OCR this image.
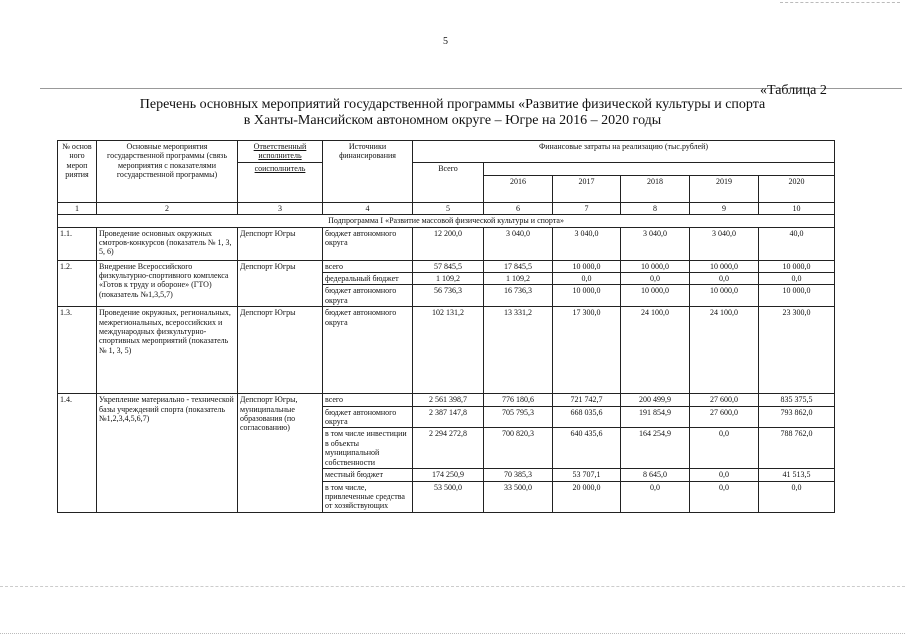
5
«Таблица 2
Перечень основных мероприятий государственной программы «Развитие физической культуры и спорта
в Ханты-Мансийском автономном округе – Югре на 2016 – 2020 годы
№ основ ного мероп риятия	Основные мероприятия государственной программы (связь мероприятия с показателями государственной программы)	Ответственный исполнитель	Источники финансирования	Финансовые затраты на реализацию (тыс.рублей)					
		соисполнитель		Всего					
					2016	2017	2018	2019	2020
1	2	3	4	5	6	7	8	9	10
Подпрограмма I «Развитие массовой физической культуры и спорта»									
1.1.	Проведение основных окружных смотров-конкурсов (показатель № 1, 3, 5, 6)	Депспорт Югры	бюджет автономного округа	12 200,0	3 040,0	3 040,0	3 040,0	3 040,0	40,0
1.2.	Внедрение Всероссийского физкультурно-спортивного комплекса «Готов к труду и обороне» (ГТО) (показатель №1,3,5,7)	Депспорт Югры	всего	57 845,5	17 845,5	10 000,0	10 000,0	10 000,0	10 000,0
			федеральный бюджет	1 109,2	1 109,2	0,0	0,0	0,0	0,0
			бюджет автономного округа	56 736,3	16 736,3	10 000,0	10 000,0	10 000,0	10 000,0
1.3.	Проведение окружных, региональных, межрегиональных, всероссийских и международных физкультурно-спортивных мероприятий (показатель № 1, 3, 5)	Депспорт Югры	бюджет автономного округа	102 131,2	13 331,2	17 300,0	24 100,0	24 100,0	23 300,0
1.4.	Укрепление материально - технической базы учреждений спорта (показатель №1,2,3,4,5,6,7)	Депспорт Югры, муниципальные образования (по согласованию)	всего	2 561 398,7	776 180,6	721 742,7	200 499,9	27 600,0	835 375,5
			бюджет автономного округа	2 387 147,8	705 795,3	668 035,6	191 854,9	27 600,0	793 862,0
			в том числе инвестиции в объекты муниципальной собственности	2 294 272,8	700 820,3	640 435,6	164 254,9	0,0	788 762,0
			местный бюджет	174 250,9	70 385,3	53 707,1	8 645,0	0,0	41 513,5
			в том числе, привлеченные средства от хозяйствующих	53 500,0	33 500,0	20 000,0	0,0	0,0	0,0
